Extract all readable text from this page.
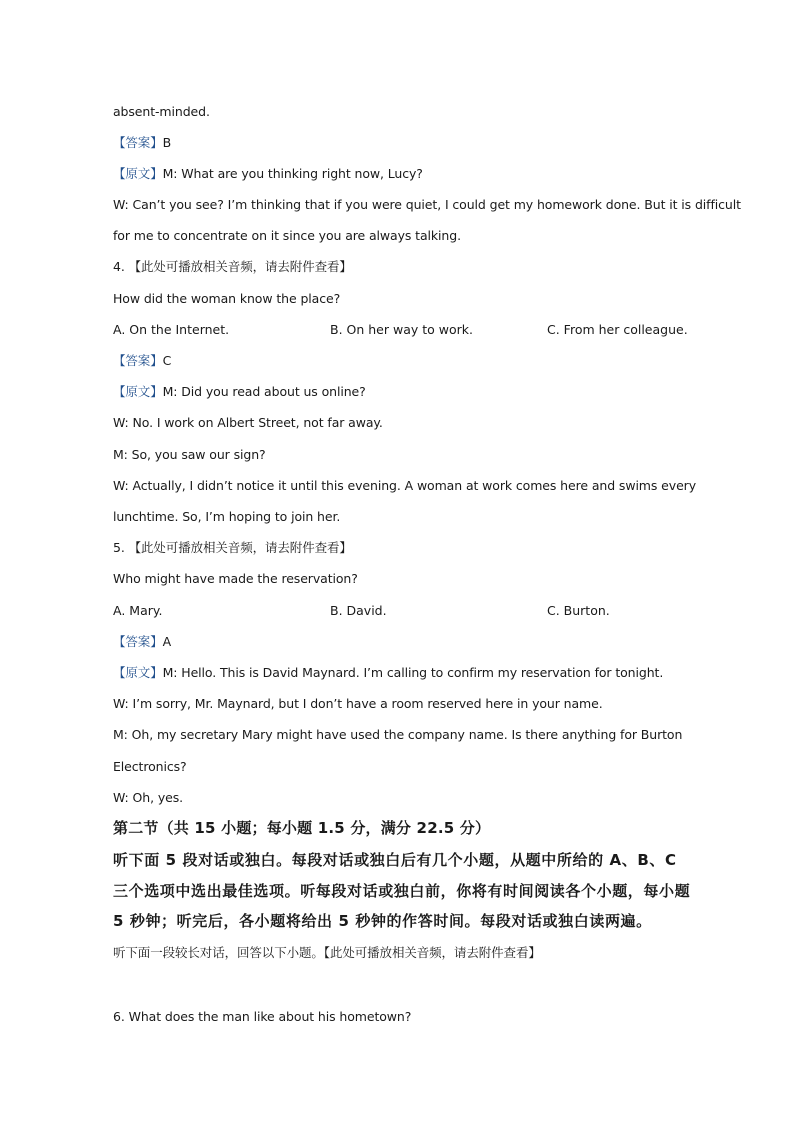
absent-minded.
【答案】B
【原文】M: What are you thinking right now, Lucy?
W: Can’t you see? I’m thinking that if you were quiet, I could get my homework done. But it is difficult
for me to concentrate on it since you are always talking.
4. 【此处可播放相关音频，请去附件查看】
How did the woman know the place?
A. On the Internet.	B. On her way to work.	C. From her colleague.
【答案】C
【原文】M: Did you read about us online?
W: No. I work on Albert Street, not far away.
M: So, you saw our sign?
W: Actually, I didn’t notice it until this evening. A woman at work comes here and swims every
lunchtime. So, I’m hoping to join her.
5. 【此处可播放相关音频，请去附件查看】
Who might have made the reservation?
A. Mary.	B. David.	C. Burton.
【答案】A
【原文】M: Hello. This is David Maynard. I’m calling to confirm my reservation for tonight.
W: I’m sorry, Mr. Maynard, but I don’t have a room reserved here in your name.
M: Oh, my secretary Mary might have used the company name. Is there anything for Burton
Electronics?
W: Oh, yes.
第二节（共 15 小题；每小题 1.5 分，满分 22.5 分）
听下面 5 段对话或独白。每段对话或独白后有几个小题，从题中所给的 A、B、C
三个选项中选出最佳选项。听每段对话或独白前，你将有时间阅读各个小题，每小题
5 秒钟；听完后，各小题将给出 5 秒钟的作答时间。每段对话或独白读两遍。
听下面一段较长对话，回答以下小题。【此处可播放相关音频，请去附件查看】
6. What does the man like about his hometown?
